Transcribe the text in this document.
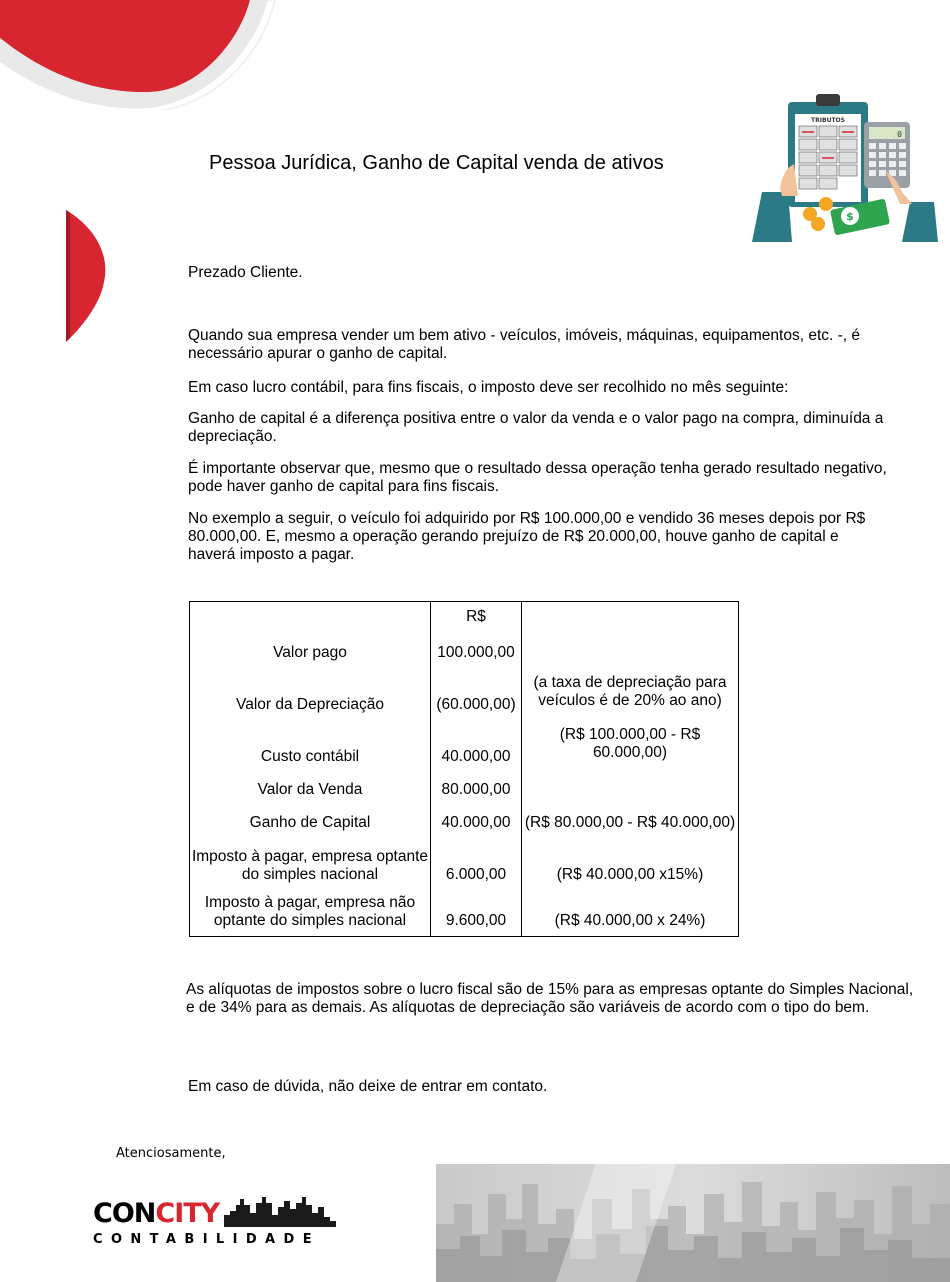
TRIBUTOS
0
$
Pessoa Jurídica, Ganho de Capital venda de ativos
Prezado Cliente.
Quando sua empresa vender um bem ativo - veículos, imóveis, máquinas, equipamentos, etc. -, é necessário apurar o ganho de capital.
Em caso lucro contábil, para fins fiscais, o imposto deve ser recolhido no mês seguinte:
Ganho de capital é a diferença positiva entre o valor da venda e o valor pago na compra, diminuída a depreciação.
É importante observar que, mesmo que o resultado dessa operação tenha gerado resultado negativo, pode haver ganho de capital para fins fiscais.
No exemplo a seguir, o veículo foi adquirido por R$ 100.000,00 e vendido 36 meses depois por R$ 80.000,00. E, mesmo a operação gerando prejuízo de R$ 20.000,00, houve ganho de capital e haverá imposto a pagar.
	R$	
Valor pago	100.000,00	
Valor da Depreciação	(60.000,00)	(a taxa de depreciação para veículos é de 20% ao ano)
Custo contábil	40.000,00	(R$ 100.000,00 - R$ 60.000,00)
Valor da Venda	80.000,00	
Ganho de Capital	40.000,00	(R$ 80.000,00 - R$ 40.000,00)
Imposto à pagar, empresa optante do simples nacional	6.000,00	(R$ 40.000,00 x15%)
Imposto à pagar, empresa não optante do simples nacional	9.600,00	(R$ 40.000,00 x 24%)
As alíquotas de impostos sobre o lucro fiscal são de 15% para as empresas optante do Simples Nacional, e de 34% para as demais. As alíquotas de depreciação são variáveis de acordo com o tipo do bem.
Em caso de dúvida, não deixe de entrar em contato.
Atenciosamente,
CONCITY
CONTABILIDADE
